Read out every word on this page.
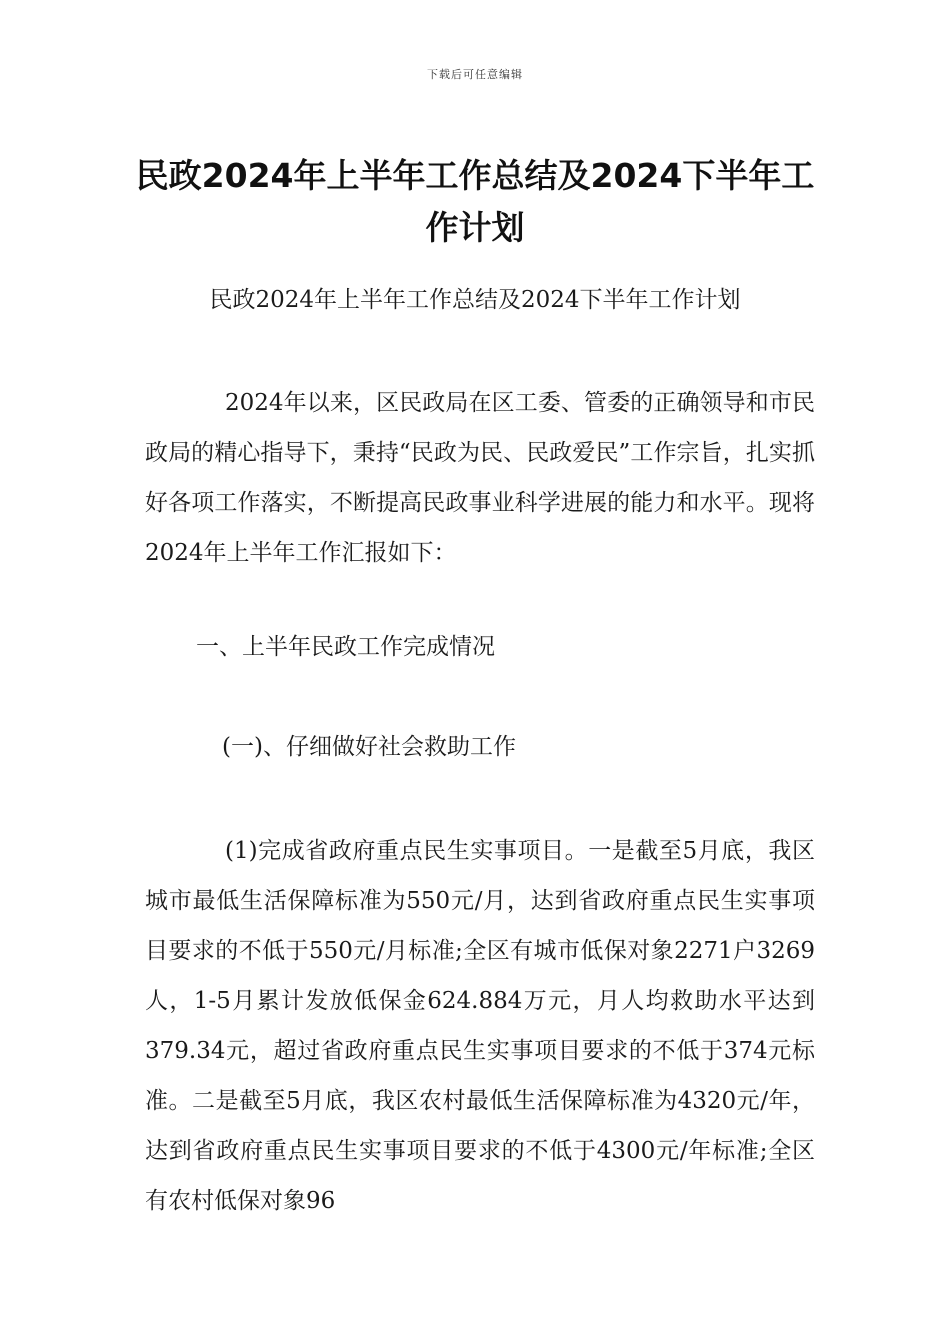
下载后可任意编辑
民政2024年上半年工作总结及2024下半年工作计划
民政2024年上半年工作总结及2024下半年工作计划

2024年以来，区民政局在区工委、管委的正确领导和市民政局的精心指导下，秉持“民政为民、民政爱民”工作宗旨，扎实抓好各项工作落实，不断提高民政事业科学进展的能力和水平。现将2024年上半年工作汇报如下：

一、上半年民政工作完成情况
(一)、仔细做好社会救助工作

(1)完成省政府重点民生实事项目。一是截至5月底，我区城市最低生活保障标准为550元/月，达到省政府重点民生实事项目要求的不低于550元/月标准;全区有城市低保对象2271户3269人，1-5月累计发放低保金624.884万元，月人均救助水平达到379.34元，超过省政府重点民生实事项目要求的不低于374元标准。二是截至5月底，我区农村最低生活保障标准为4320元/年，达到省政府重点民生实事项目要求的不低于4300元/年标准;全区有农村低保对象96
